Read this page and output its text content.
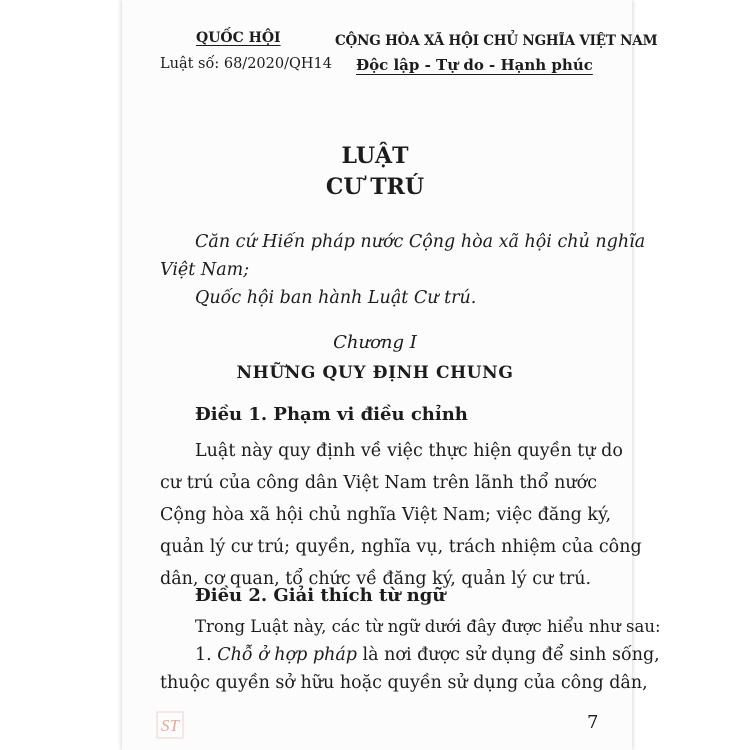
QUỐC HỘI
Luật số: 68/2020/QH14
CỘNG HÒA XÃ HỘI CHỦ NGHĨA VIỆT NAM
Độc lập - Tự do - Hạnh phúc
LUẬT
CƯ TRÚ
Căn cứ Hiến pháp nước Cộng hòa xã hội chủ nghĩa
Việt Nam;
Quốc hội ban hành Luật Cư trú.
Chương I
NHỮNG QUY ĐỊNH CHUNG
Điều 1. Phạm vi điều chỉnh
Luật này quy định về việc thực hiện quyền tự do
cư trú của công dân Việt Nam trên lãnh thổ nước
Cộng hòa xã hội chủ nghĩa Việt Nam; việc đăng ký,
quản lý cư trú; quyền, nghĩa vụ, trách nhiệm của công
dân, cơ quan, tổ chức về đăng ký, quản lý cư trú.
Điều 2. Giải thích từ ngữ
Trong Luật này, các từ ngữ dưới đây được hiểu như sau:
1. Chỗ ở hợp pháp là nơi được sử dụng để sinh sống,
thuộc quyền sở hữu hoặc quyền sử dụng của công dân,
ST	7
